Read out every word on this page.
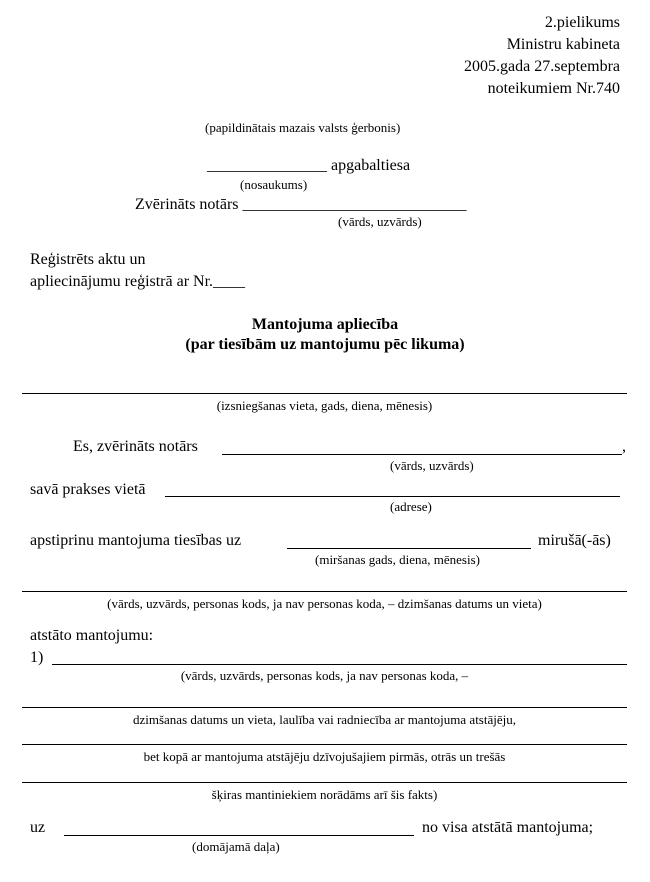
2.pielikums
Ministru kabineta
2005.gada 27.septembra
noteikumiem Nr.740
(papildinātais mazais valsts ģerbonis)
_______________ apgabaltiesa
(nosaukums)
Zvērināts notārs ____________________________
(vārds, uzvārds)
Reģistrēts aktu un
apliecinājumu reģistrā ar Nr.____
Mantojuma apliecība
(par tiesībām uz mantojumu pēc likuma)
(izsniegšanas vieta, gads, diena, mēnesis)
Es, zvērināts notārs	,
(vārds, uzvārds)
savā prakses vietā
(adrese)
apstiprinu mantojuma tiesības uz	mirušā(-ās)
(miršanas gads, diena, mēnesis)
(vārds, uzvārds, personas kods, ja nav personas koda, – dzimšanas datums un vieta)
atstāto mantojumu:
1)
(vārds, uzvārds, personas kods, ja nav personas koda, –
dzimšanas datums un vieta, laulība vai radniecība ar mantojuma atstājēju,
bet kopā ar mantojuma atstājēju dzīvojušajiem pirmās, otrās un trešās
šķiras mantiniekiem norādāms arī šis fakts)
uz	no visa atstātā mantojuma;
(domājamā daļa)
